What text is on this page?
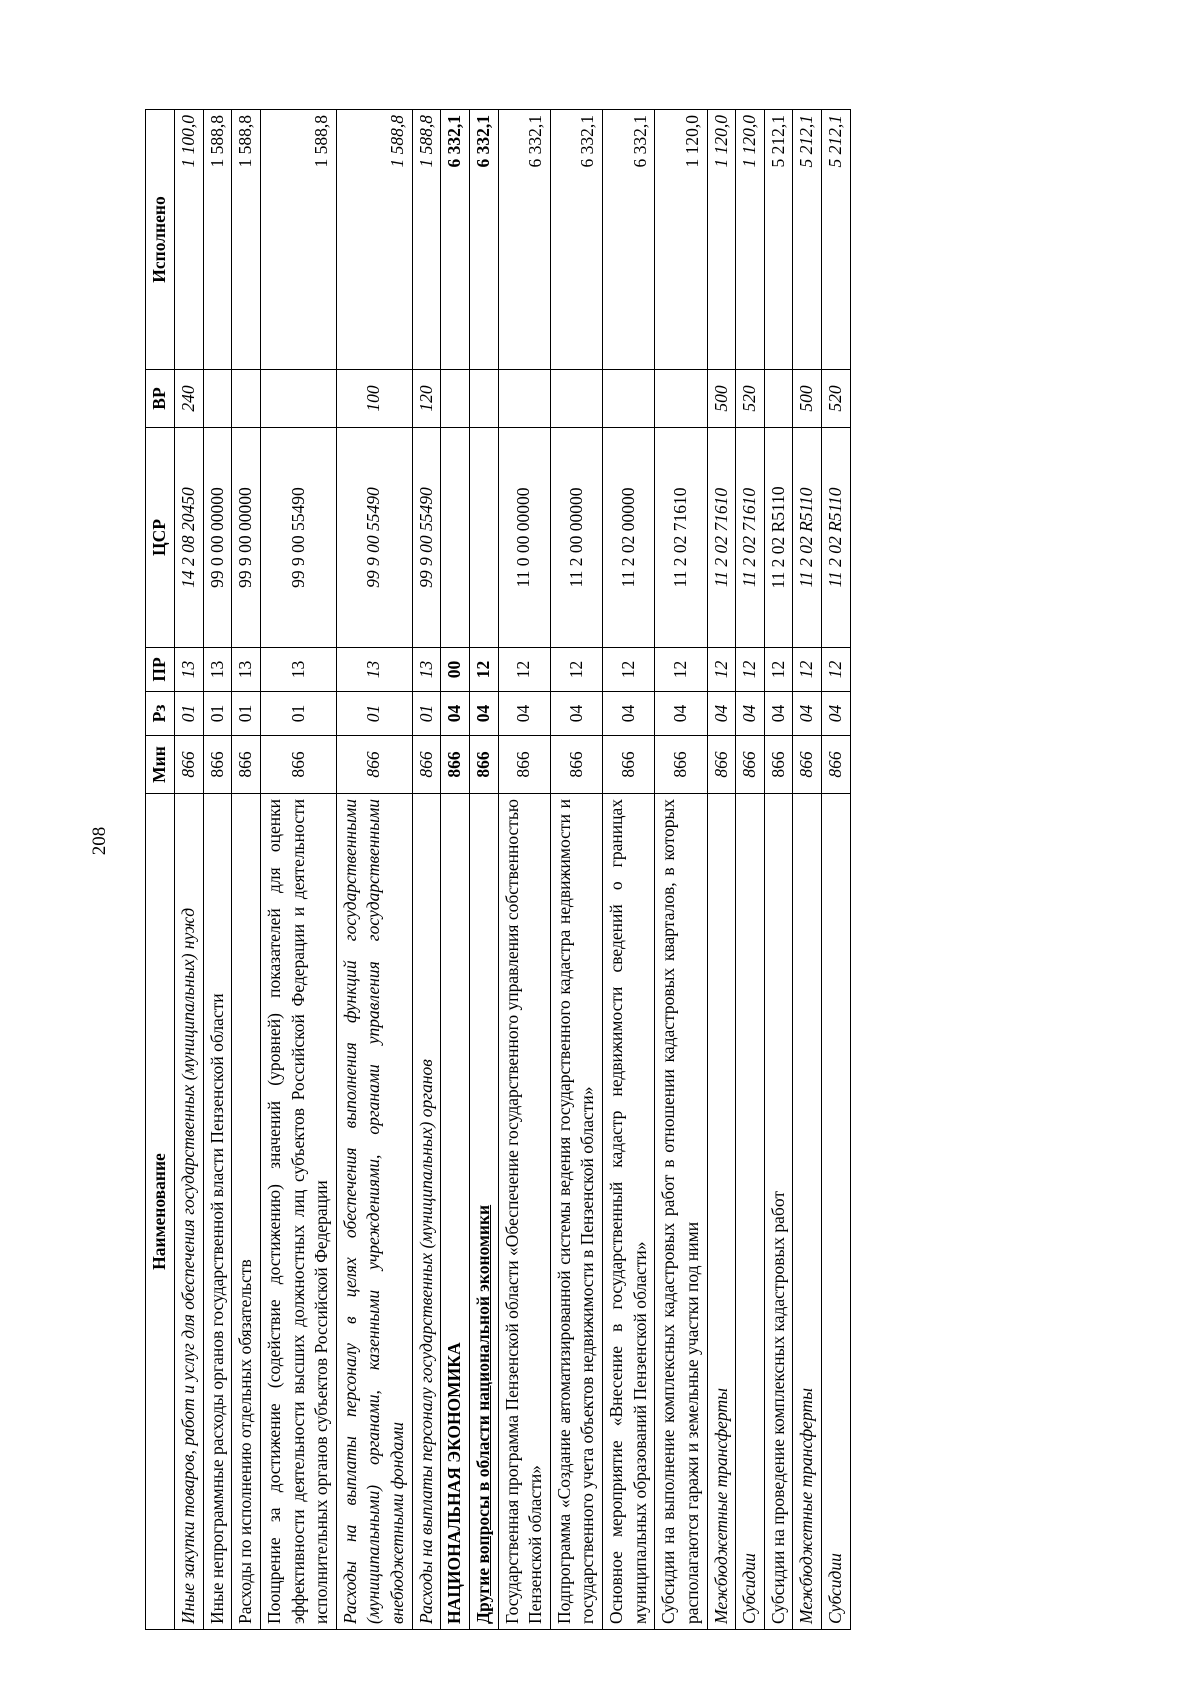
208
Наименование	Мин	Рз	ПР	ЦСР	ВР	Исполнено
Иные закупки товаров, работ и услуг для обеспечения государственных (муниципальных) нужд	866	01	13	14 2 08 20450	240	1 100,0
Иные непрограммные расходы органов государственной власти Пензенской области	866	01	13	99 0 00 00000		1 588,8
Расходы по исполнению отдельных обязательств	866	01	13	99 9 00 00000		1 588,8
Поощрение за достижение (содействие достижению) значений (уровней) показателей для оценки эффективности деятельности высших должностных лиц субъектов Российской Федерации и деятельности исполнительных органов субъектов Российской Федерации	866	01	13	99 9 00 55490		1 588,8
Расходы на выплаты персоналу в целях обеспечения выполнения функций государственными (муниципальными) органами, казенными учреждениями, органами управления государственными внебюджетными фондами	866	01	13	99 9 00 55490	100	1 588,8
Расходы на выплаты персоналу государственных (муниципальных) органов	866	01	13	99 9 00 55490	120	1 588,8
НАЦИОНАЛЬНАЯ ЭКОНОМИКА	866	04	00			6 332,1
Другие вопросы в области национальной экономики	866	04	12			6 332,1
Государственная программа Пензенской области «Обеспечение государственного управления собственностью Пензенской области»	866	04	12	11 0 00 00000		6 332,1
Подпрограмма «Создание автоматизированной системы ведения государственного кадастра недвижимости и государственного учета объектов недвижимости в Пензенской области»	866	04	12	11 2 00 00000		6 332,1
Основное мероприятие «Внесение в государственный кадастр недвижимости сведений о границах муниципальных образований Пензенской области»	866	04	12	11 2 02 00000		6 332,1
Субсидии на выполнение комплексных кадастровых работ в отношении кадастровых кварталов, в которых располагаются гаражи и земельные участки под ними	866	04	12	11 2 02 71610		1 120,0
Межбюджетные трансферты	866	04	12	11 2 02 71610	500	1 120,0
Субсидии	866	04	12	11 2 02 71610	520	1 120,0
Субсидии на проведение комплексных кадастровых работ	866	04	12	11 2 02 R5110		5 212,1
Межбюджетные трансферты	866	04	12	11 2 02 R5110	500	5 212,1
Субсидии	866	04	12	11 2 02 R5110	520	5 212,1
